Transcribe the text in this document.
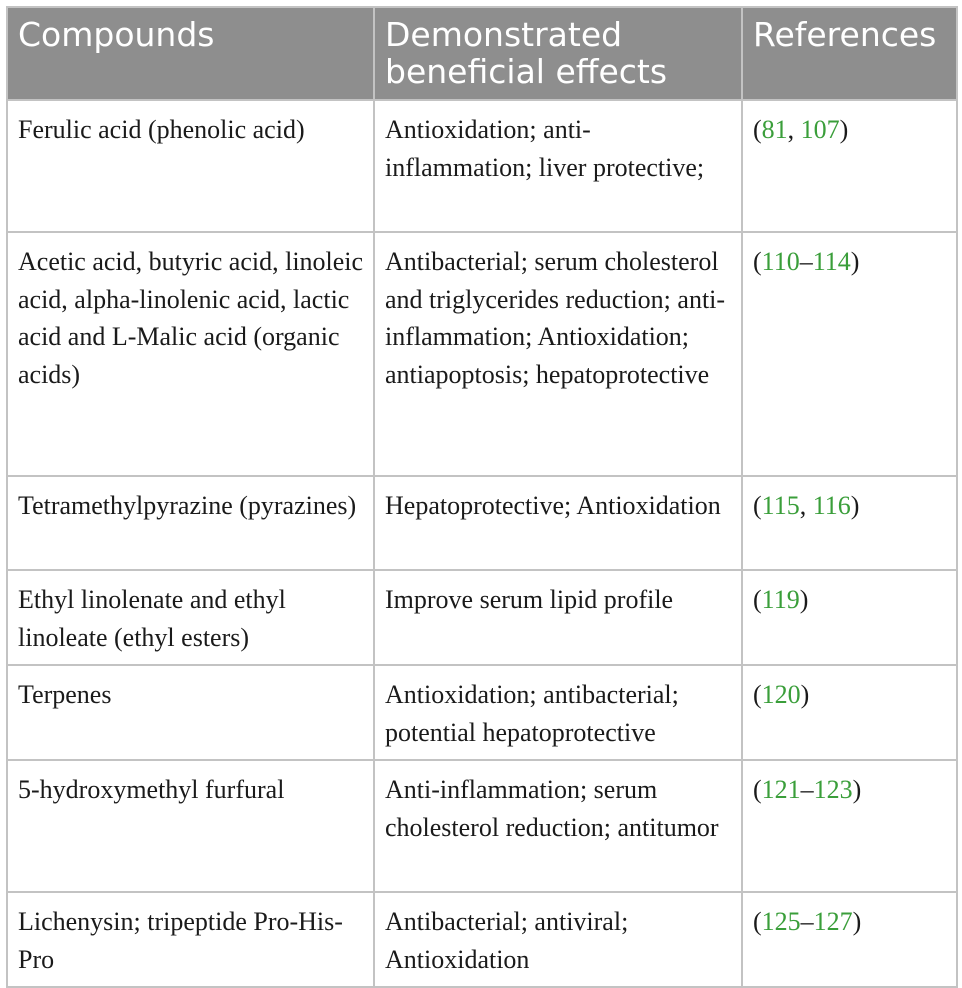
Compounds	Demonstrated beneficial effects	References
Ferulic acid (phenolic acid)	Antioxidation; anti-inflammation; liver protective;	(81, 107)
Acetic acid, butyric acid, linoleic acid, alpha-linolenic acid, lactic acid and L-Malic acid (organic acids)	Antibacterial; serum cholesterol and triglycerides reduction; anti-inflammation; Antioxidation; antiapoptosis; hepatoprotective	(110–114)
Tetramethylpyrazine (pyrazines)	Hepatoprotective; Antioxidation	(115, 116)
Ethyl linolenate and ethyl linoleate (ethyl esters)	Improve serum lipid profile	(119)
Terpenes	Antioxidation; antibacterial; potential hepatoprotective	(120)
5-hydroxymethyl furfural	Anti-inflammation; serum cholesterol reduction; antitumor	(121–123)
Lichenysin; tripeptide Pro-His-Pro	Antibacterial; antiviral; Antioxidation	(125–127)
